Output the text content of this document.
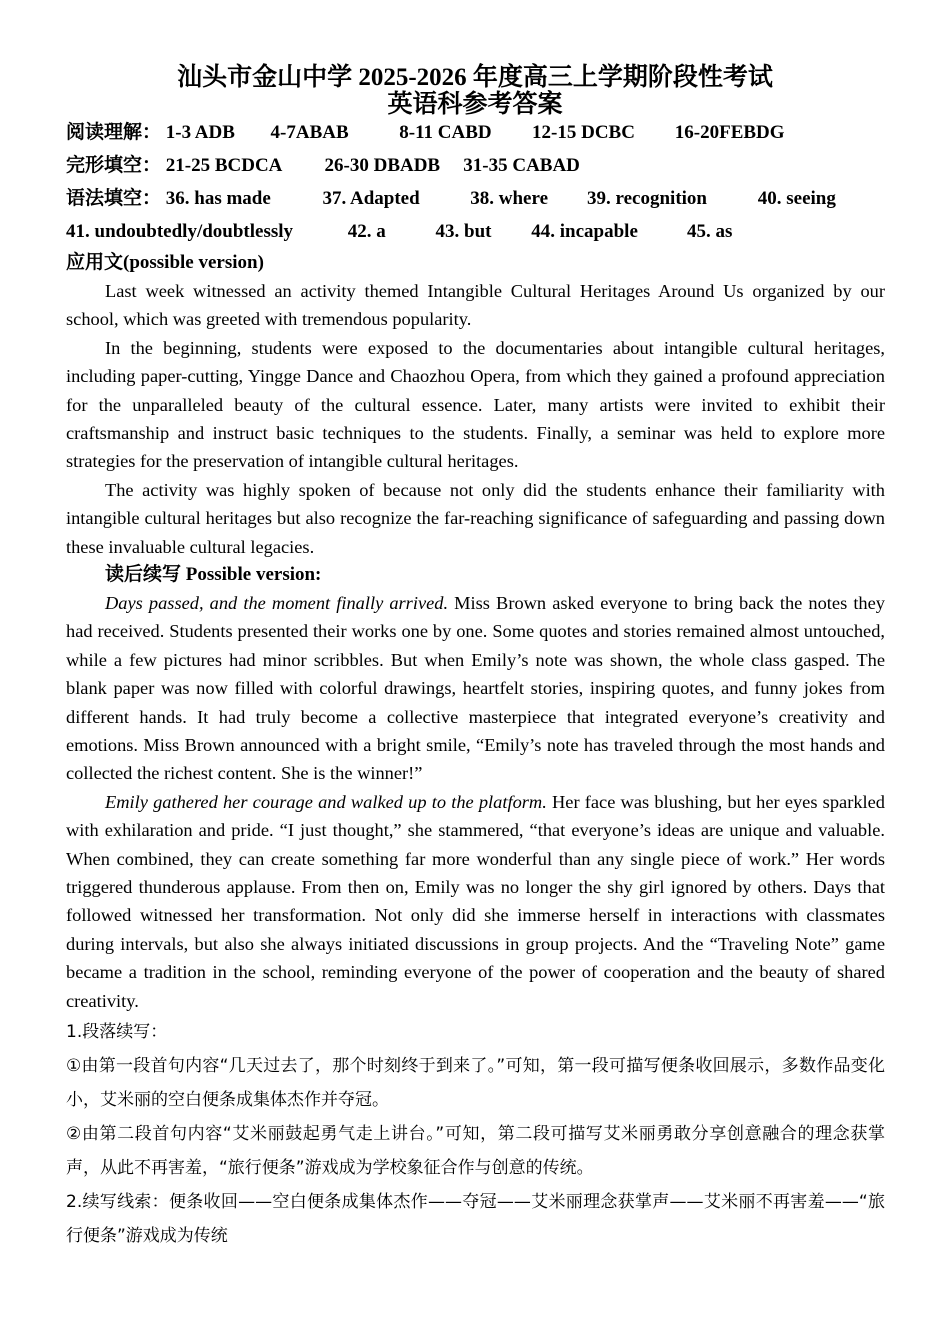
汕头市金山中学 2025-2026 年度高三上学期阶段性考试
英语科参考答案
阅读理解： 1-3 ADB 4-7ABAB	8-11 CABD 12-15 DCBC 16-20FEBDG
完形填空： 21-25 BCDCA 26-30 DBADB 31-35 CABAD
语法填空： 36. has made	37. Adapted	38. where 39. recognition	40. seeing
41. undoubtedly/doubtlessly	42. a	43. but 44. incapable	45. as
应用文(possible version)

Last week witnessed an activity themed Intangible Cultural Heritages Around Us organized by our school, which was greeted with tremendous popularity.

In the beginning, students were exposed to the documentaries about intangible cultural heritages, including paper-cutting, Yingge Dance and Chaozhou Opera, from which they gained a profound appreciation for the unparalleled beauty of the cultural essence. Later, many artists were invited to exhibit their craftsmanship and instruct basic techniques to the students. Finally, a seminar was held to explore more strategies for the preservation of intangible cultural heritages.

The activity was highly spoken of because not only did the students enhance their familiarity with intangible cultural heritages but also recognize the far-reaching significance of safeguarding and passing down these invaluable cultural legacies.

读后续写 Possible version:

Days passed, and the moment finally arrived. Miss Brown asked everyone to bring back the notes they had received. Students presented their works one by one. Some quotes and stories remained almost untouched, while a few pictures had minor scribbles. But when Emily’s note was shown, the whole class gasped. The blank paper was now filled with colorful drawings, heartfelt stories, inspiring quotes, and funny jokes from different hands. It had truly become a collective masterpiece that integrated everyone’s creativity and emotions. Miss Brown announced with a bright smile, “Emily’s note has traveled through the most hands and collected the richest content. She is the winner!”

Emily gathered her courage and walked up to the platform. Her face was blushing, but her eyes sparkled with exhilaration and pride. “I just thought,” she stammered, “that everyone’s ideas are unique and valuable. When combined, they can create something far more wonderful than any single piece of work.” Her words triggered thunderous applause. From then on, Emily was no longer the shy girl ignored by others. Days that followed witnessed her transformation. Not only did she immerse herself in interactions with classmates during intervals, but also she always initiated discussions in group projects. And the “Traveling Note” game became a tradition in the school, reminding everyone of the power of cooperation and the beauty of shared creativity.

1.段落续写：

①由第一段首句内容“几天过去了，那个时刻终于到来了。”可知，第一段可描写便条收回展示，多数作品变化小，艾米丽的空白便条成集体杰作并夺冠。

②由第二段首句内容“艾米丽鼓起勇气走上讲台。”可知，第二段可描写艾米丽勇敢分享创意融合的理念获掌声，从此不再害羞，“旅行便条”游戏成为学校象征合作与创意的传统。

2.续写线索：便条收回——空白便条成集体杰作——夺冠——艾米丽理念获掌声——艾米丽不再害羞——“旅行便条”游戏成为传统
